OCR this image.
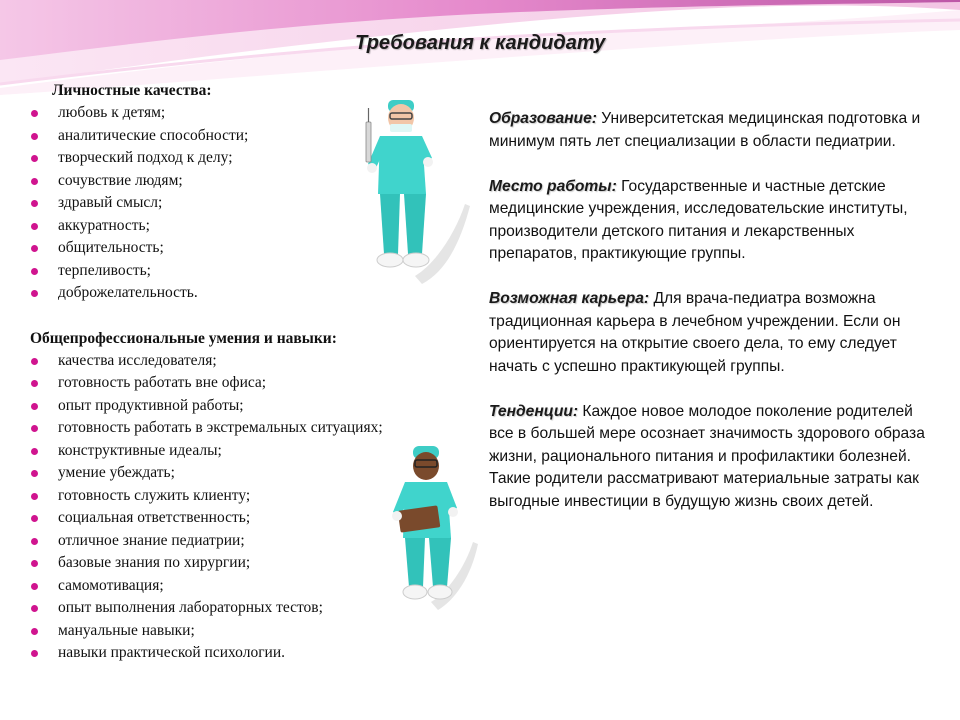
Требования к кандидату
Личностные качества:
любовь к детям;
аналитические способности;
творческий подход к делу;
сочувствие людям;
здравый смысл;
аккуратность;
общительность;
терпеливость;
доброжелательность.
Общепрофессиональные умения и навыки:
качества исследователя;
готовность работать вне офиса;
опыт продуктивной работы;
готовность работать в экстремальных ситуациях;
конструктивные идеалы;
умение убеждать;
готовность служить клиенту;
социальная ответственность;
отличное знание педиатрии;
базовые знания по хирургии;
самомотивация;
опыт выполнения лабораторных тестов;
мануальные навыки;
навыки практической психологии.

Образование: Университетская медицинская подготовка и минимум пять лет специализации в области педиатрии.

Место работы: Государственные и частные детские медицинские учреждения, исследовательские институты, производители детского питания и лекарственных препаратов, практикующие группы.

Возможная карьера: Для врача-педиатра возможна традиционная карьера в лечебном учреждении. Если он ориентируется на открытие своего дела, то ему следует начать с успешно практикующей группы.

Тенденции: Каждое новое молодое поколение родителей все в большей мере осознает значимость здорового образа жизни, рационального питания и профилактики болезней. Такие родители рассматривают материальные затраты как выгодные инвестиции в будущую жизнь своих детей.
